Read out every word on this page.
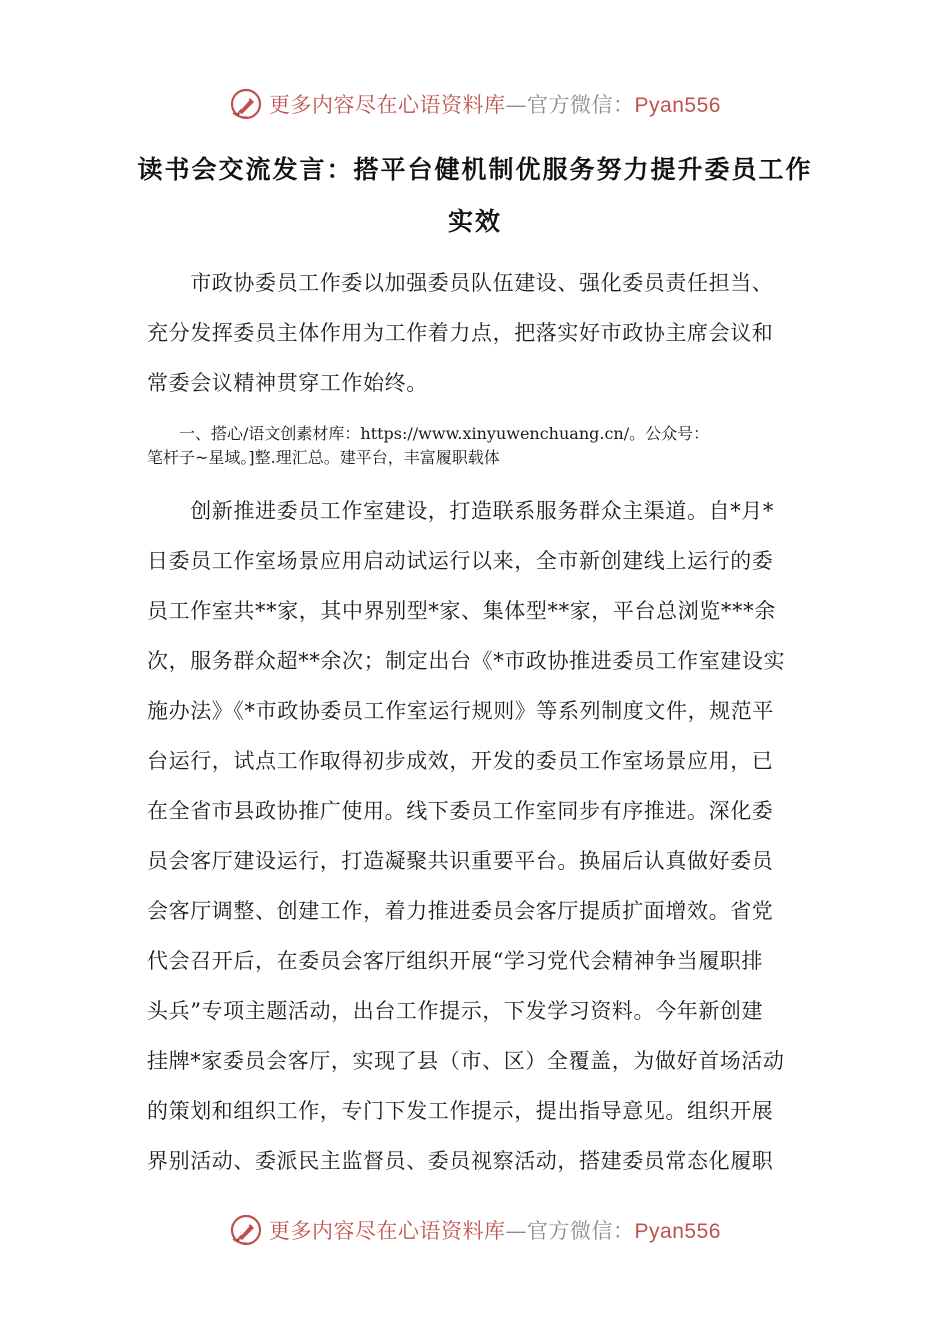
更多内容尽在心语资料库—官方微信：Pyan556
读书会交流发言：搭平台健机制优服务努力提升委员工作
实效
　　市政协委员工作委以加强委员队伍建设、强化委员责任担当、
充分发挥委员主体作用为工作着力点，把落实好市政协主席会议和
常委会议精神贯穿工作始终。
　　一、搭心/语文创素材库：https://www.xinyuwenchuang.cn/。公众号：
笔杆子~星域。]整.理汇总。建平台，丰富履职载体
　　创新推进委员工作室建设，打造联系服务群众主渠道。自*月*
日委员工作室场景应用启动试运行以来，全市新创建线上运行的委
员工作室共**家，其中界别型*家、集体型**家，平台总浏览***余
次，服务群众超**余次；制定出台《*市政协推进委员工作室建设实
施办法》《*市政协委员工作室运行规则》等系列制度文件，规范平
台运行，试点工作取得初步成效，开发的委员工作室场景应用，已
在全省市县政协推广使用。线下委员工作室同步有序推进。深化委
员会客厅建设运行，打造凝聚共识重要平台。换届后认真做好委员
会客厅调整、创建工作，着力推进委员会客厅提质扩面增效。省党
代会召开后，在委员会客厅组织开展“学习党代会精神争当履职排
头兵”专项主题活动，出台工作提示，下发学习资料。今年新创建
挂牌*家委员会客厅，实现了县（市、区）全覆盖，为做好首场活动
的策划和组织工作，专门下发工作提示，提出指导意见。组织开展
界别活动、委派民主监督员、委员视察活动，搭建委员常态化履职
更多内容尽在心语资料库—官方微信：Pyan556
